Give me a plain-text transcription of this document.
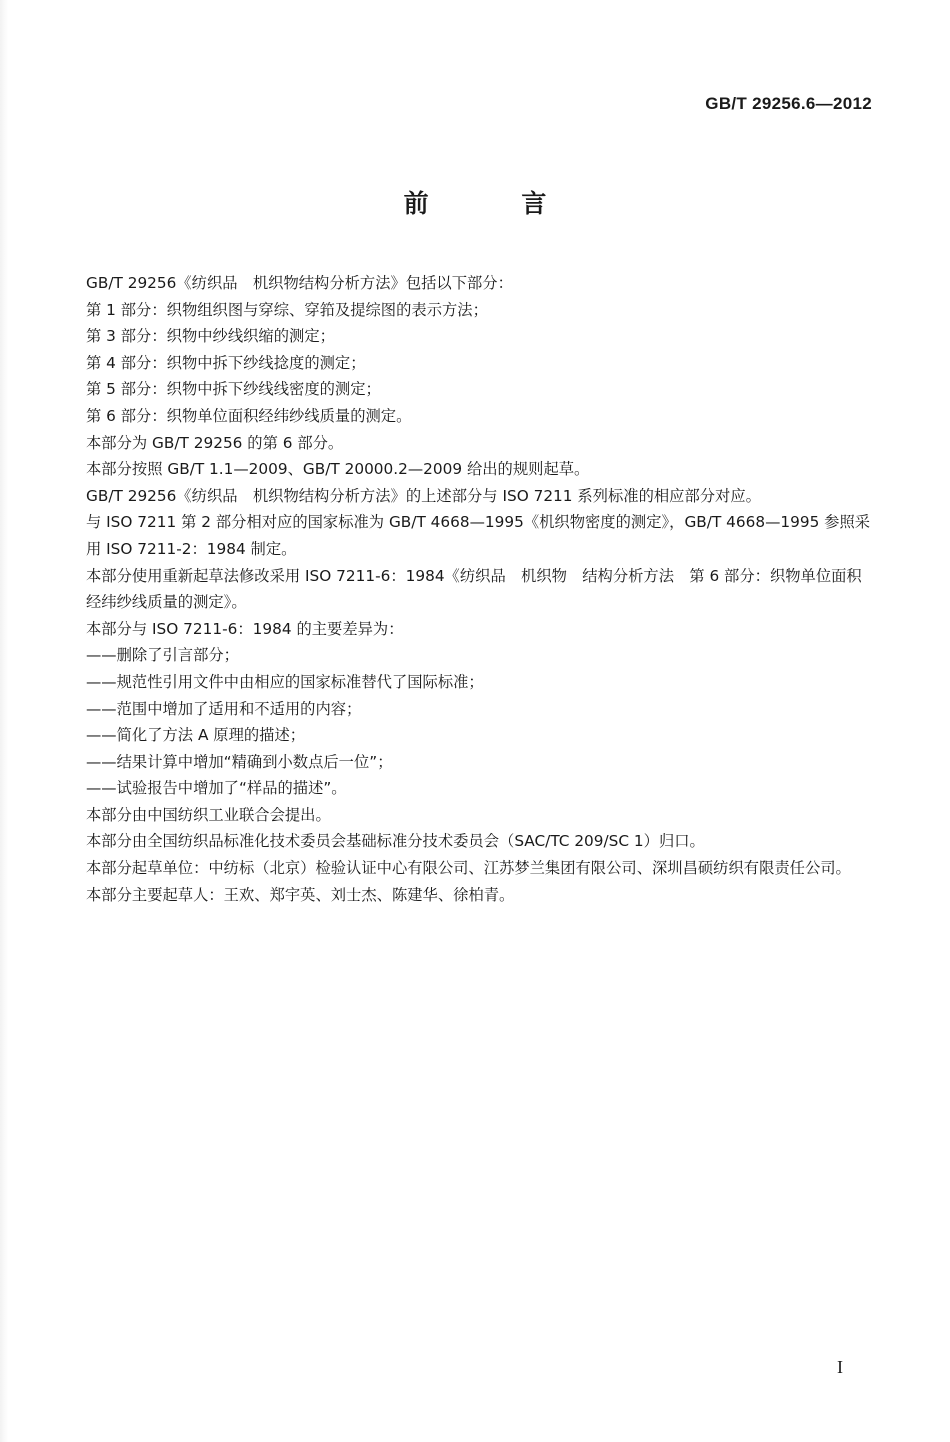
GB/T 29256.6—2012
前 言

GB/T 29256《纺织品　机织物结构分析方法》包括以下部分：

第 1 部分：织物组织图与穿综、穿筘及提综图的表示方法；

第 3 部分：织物中纱线织缩的测定；

第 4 部分：织物中拆下纱线捻度的测定；

第 5 部分：织物中拆下纱线线密度的测定；

第 6 部分：织物单位面积经纬纱线质量的测定。

本部分为 GB/T 29256 的第 6 部分。

本部分按照 GB/T 1.1—2009、GB/T 20000.2—2009 给出的规则起草。

GB/T 29256《纺织品　机织物结构分析方法》的上述部分与 ISO 7211 系列标准的相应部分对应。

与 ISO 7211 第 2 部分相对应的国家标准为 GB/T 4668—1995《机织物密度的测定》，GB/T 4668—1995 参照采用 ISO 7211-2：1984 制定。

本部分使用重新起草法修改采用 ISO 7211-6：1984《纺织品　机织物　结构分析方法　第 6 部分：织物单位面积经纬纱线质量的测定》。

本部分与 ISO 7211-6：1984 的主要差异为：

——删除了引言部分；

——规范性引用文件中由相应的国家标准替代了国际标准；

——范围中增加了适用和不适用的内容；

——简化了方法 A 原理的描述；

——结果计算中增加“精确到小数点后一位”；

——试验报告中增加了“样品的描述”。

本部分由中国纺织工业联合会提出。

本部分由全国纺织品标准化技术委员会基础标准分技术委员会（SAC/TC 209/SC 1）归口。

本部分起草单位：中纺标（北京）检验认证中心有限公司、江苏梦兰集团有限公司、深圳昌硕纺织有限责任公司。

本部分主要起草人：王欢、郑宇英、刘士杰、陈建华、徐柏青。

I
